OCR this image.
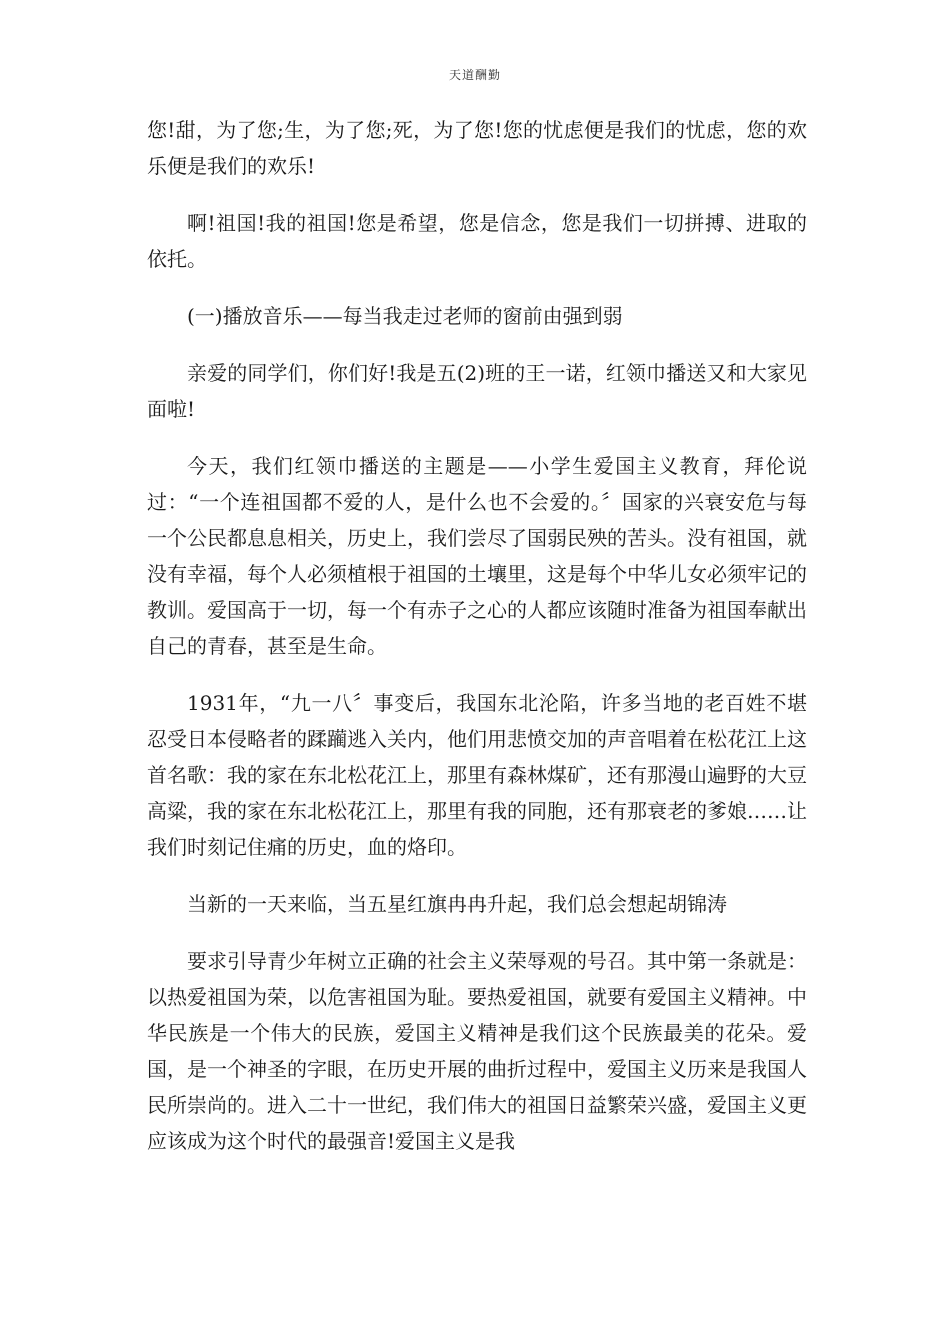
天道酬勤

您!甜，为了您;生，为了您;死，为了您!您的忧虑便是我们的忧虑，您的欢乐便是我们的欢乐!

啊!祖国!我的祖国!您是希望，您是信念，您是我们一切拼搏、进取的依托。

(一)播放音乐——每当我走过老师的窗前由强到弱

亲爱的同学们，你们好!我是五(2)班的王一诺，红领巾播送又和大家见面啦!

今天，我们红领巾播送的主题是——小学生爱国主义教育，拜伦说过：“一个连祖国都不爱的人，是什么也不会爱的。〞国家的兴衰安危与每一个公民都息息相关，历史上，我们尝尽了国弱民殃的苦头。没有祖国，就没有幸福，每个人必须植根于祖国的土壤里，这是每个中华儿女必须牢记的教训。爱国高于一切，每一个有赤子之心的人都应该随时准备为祖国奉献出自己的青春，甚至是生命。

1931年，“九一八〞事变后，我国东北沦陷，许多当地的老百姓不堪忍受日本侵略者的蹂躏逃入关内，他们用悲愤交加的声音唱着在松花江上这首名歌：我的家在东北松花江上，那里有森林煤矿，还有那漫山遍野的大豆高粱，我的家在东北松花江上，那里有我的同胞，还有那衰老的爹娘……让我们时刻记住痛的历史，血的烙印。

当新的一天来临，当五星红旗冉冉升起，我们总会想起胡锦涛

要求引导青少年树立正确的社会主义荣辱观的号召。其中第一条就是：以热爱祖国为荣，以危害祖国为耻。要热爱祖国，就要有爱国主义精神。中华民族是一个伟大的民族，爱国主义精神是我们这个民族最美的花朵。爱国，是一个神圣的字眼，在历史开展的曲折过程中，爱国主义历来是我国人民所崇尚的。进入二十一世纪，我们伟大的祖国日益繁荣兴盛，爱国主义更应该成为这个时代的最强音!爱国主义是我
